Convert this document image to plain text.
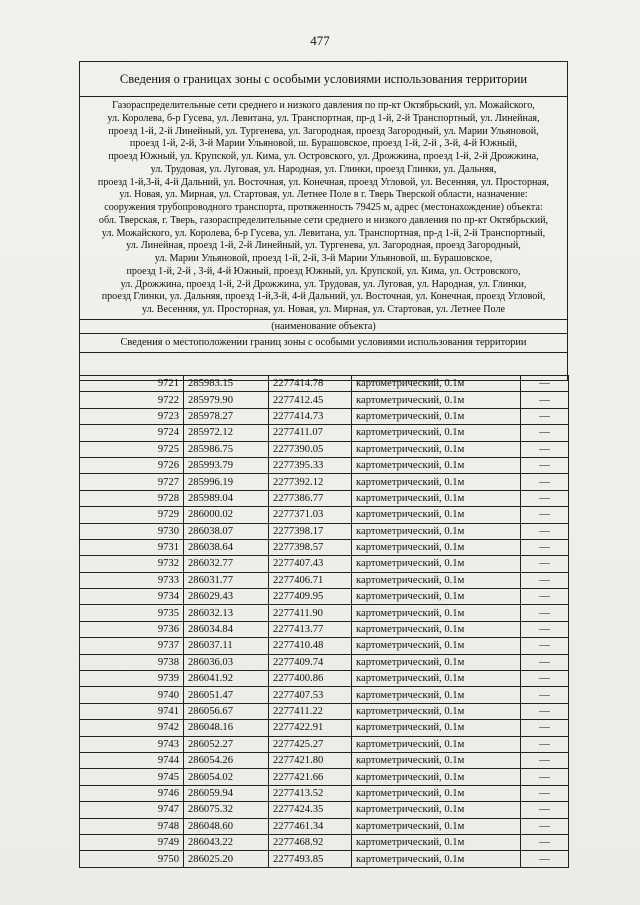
477
Сведения о границах зоны с особыми условиями использования территории
Газораспределительные сети среднего и низкого давления по пр-кт Октябрьский, ул. Можайского,
ул. Королева, б-р Гусева, ул. Левитана, ул. Транспортная, пр-д 1-й, 2-й Транспортный, ул. Линейная,
проезд 1-й, 2-й Линейный, ул. Тургенева, ул. Загородная, проезд Загородный, ул. Марии Ульяновой,
проезд 1-й, 2-й, 3-й Марии Ульяновой, ш. Бурашовское, проезд 1-й, 2-й , 3-й, 4-й Южный,
проезд Южный, ул. Крупской, ул. Кима, ул. Островского, ул. Дрожжина, проезд 1-й, 2-й Дрожжина,
ул. Трудовая, ул. Луговая, ул. Народная, ул. Глинки, проезд Глинки, ул. Дальняя,
проезд 1-й,3-й, 4-й Дальний, ул. Восточная, ул. Конечная, проезд Угловой, ул. Весенняя, ул. Просторная,
ул. Новая, ул. Мирная, ул. Стартовая, ул. Летнее Поле в г. Тверь Тверской области, назначение:
сооружения трубопроводного транспорта, протяженность 79425 м, адрес (местонахождение) объекта:
обл. Тверская, г. Тверь, газораспределительные сети среднего и низкого давления по пр-кт Октябрьский,
ул. Можайского, ул. Королева, б-р Гусева, ул. Левитана, ул. Транспортная, пр-д 1-й, 2-й Транспортный,
ул. Линейная, проезд 1-й, 2-й Линейный, ул. Тургенева, ул. Загородная, проезд Загородный,
ул. Марии Ульяновой, проезд 1-й, 2-й, 3-й Марии Ульяновой, ш. Бурашовское,
проезд 1-й, 2-й , 3-й, 4-й Южный, проезд Южный, ул. Крупской, ул. Кима, ул. Островского,
ул. Дрожжина, проезд 1-й, 2-й Дрожжина, ул. Трудовая, ул. Луговая, ул. Народная, ул. Глинки,
проезд Глинки, ул. Дальняя, проезд 1-й,3-й, 4-й Дальний, ул. Восточная, ул. Конечная, проезд Угловой,
ул. Весенняя, ул. Просторная, ул. Новая, ул. Мирная, ул. Стартовая, ул. Летнее Поле
(наименование объекта)
Сведения о местоположении границ зоны с особыми условиями использования территории
9721	285983.15	2277414.78	картометрический, 0.1м	—
9722	285979.90	2277412.45	картометрический, 0.1м	—
9723	285978.27	2277414.73	картометрический, 0.1м	—
9724	285972.12	2277411.07	картометрический, 0.1м	—
9725	285986.75	2277390.05	картометрический, 0.1м	—
9726	285993.79	2277395.33	картометрический, 0.1м	—
9727	285996.19	2277392.12	картометрический, 0.1м	—
9728	285989.04	2277386.77	картометрический, 0.1м	—
9729	286000.02	2277371.03	картометрический, 0.1м	—
9730	286038.07	2277398.17	картометрический, 0.1м	—
9731	286038.64	2277398.57	картометрический, 0.1м	—
9732	286032.77	2277407.43	картометрический, 0.1м	—
9733	286031.77	2277406.71	картометрический, 0.1м	—
9734	286029.43	2277409.95	картометрический, 0.1м	—
9735	286032.13	2277411.90	картометрический, 0.1м	—
9736	286034.84	2277413.77	картометрический, 0.1м	—
9737	286037.11	2277410.48	картометрический, 0.1м	—
9738	286036.03	2277409.74	картометрический, 0.1м	—
9739	286041.92	2277400.86	картометрический, 0.1м	—
9740	286051.47	2277407.53	картометрический, 0.1м	—
9741	286056.67	2277411.22	картометрический, 0.1м	—
9742	286048.16	2277422.91	картометрический, 0.1м	—
9743	286052.27	2277425.27	картометрический, 0.1м	—
9744	286054.26	2277421.80	картометрический, 0.1м	—
9745	286054.02	2277421.66	картометрический, 0.1м	—
9746	286059.94	2277413.52	картометрический, 0.1м	—
9747	286075.32	2277424.35	картометрический, 0.1м	—
9748	286048.60	2277461.34	картометрический, 0.1м	—
9749	286043.22	2277468.92	картометрический, 0.1м	—
9750	286025.20	2277493.85	картометрический, 0.1м	—
